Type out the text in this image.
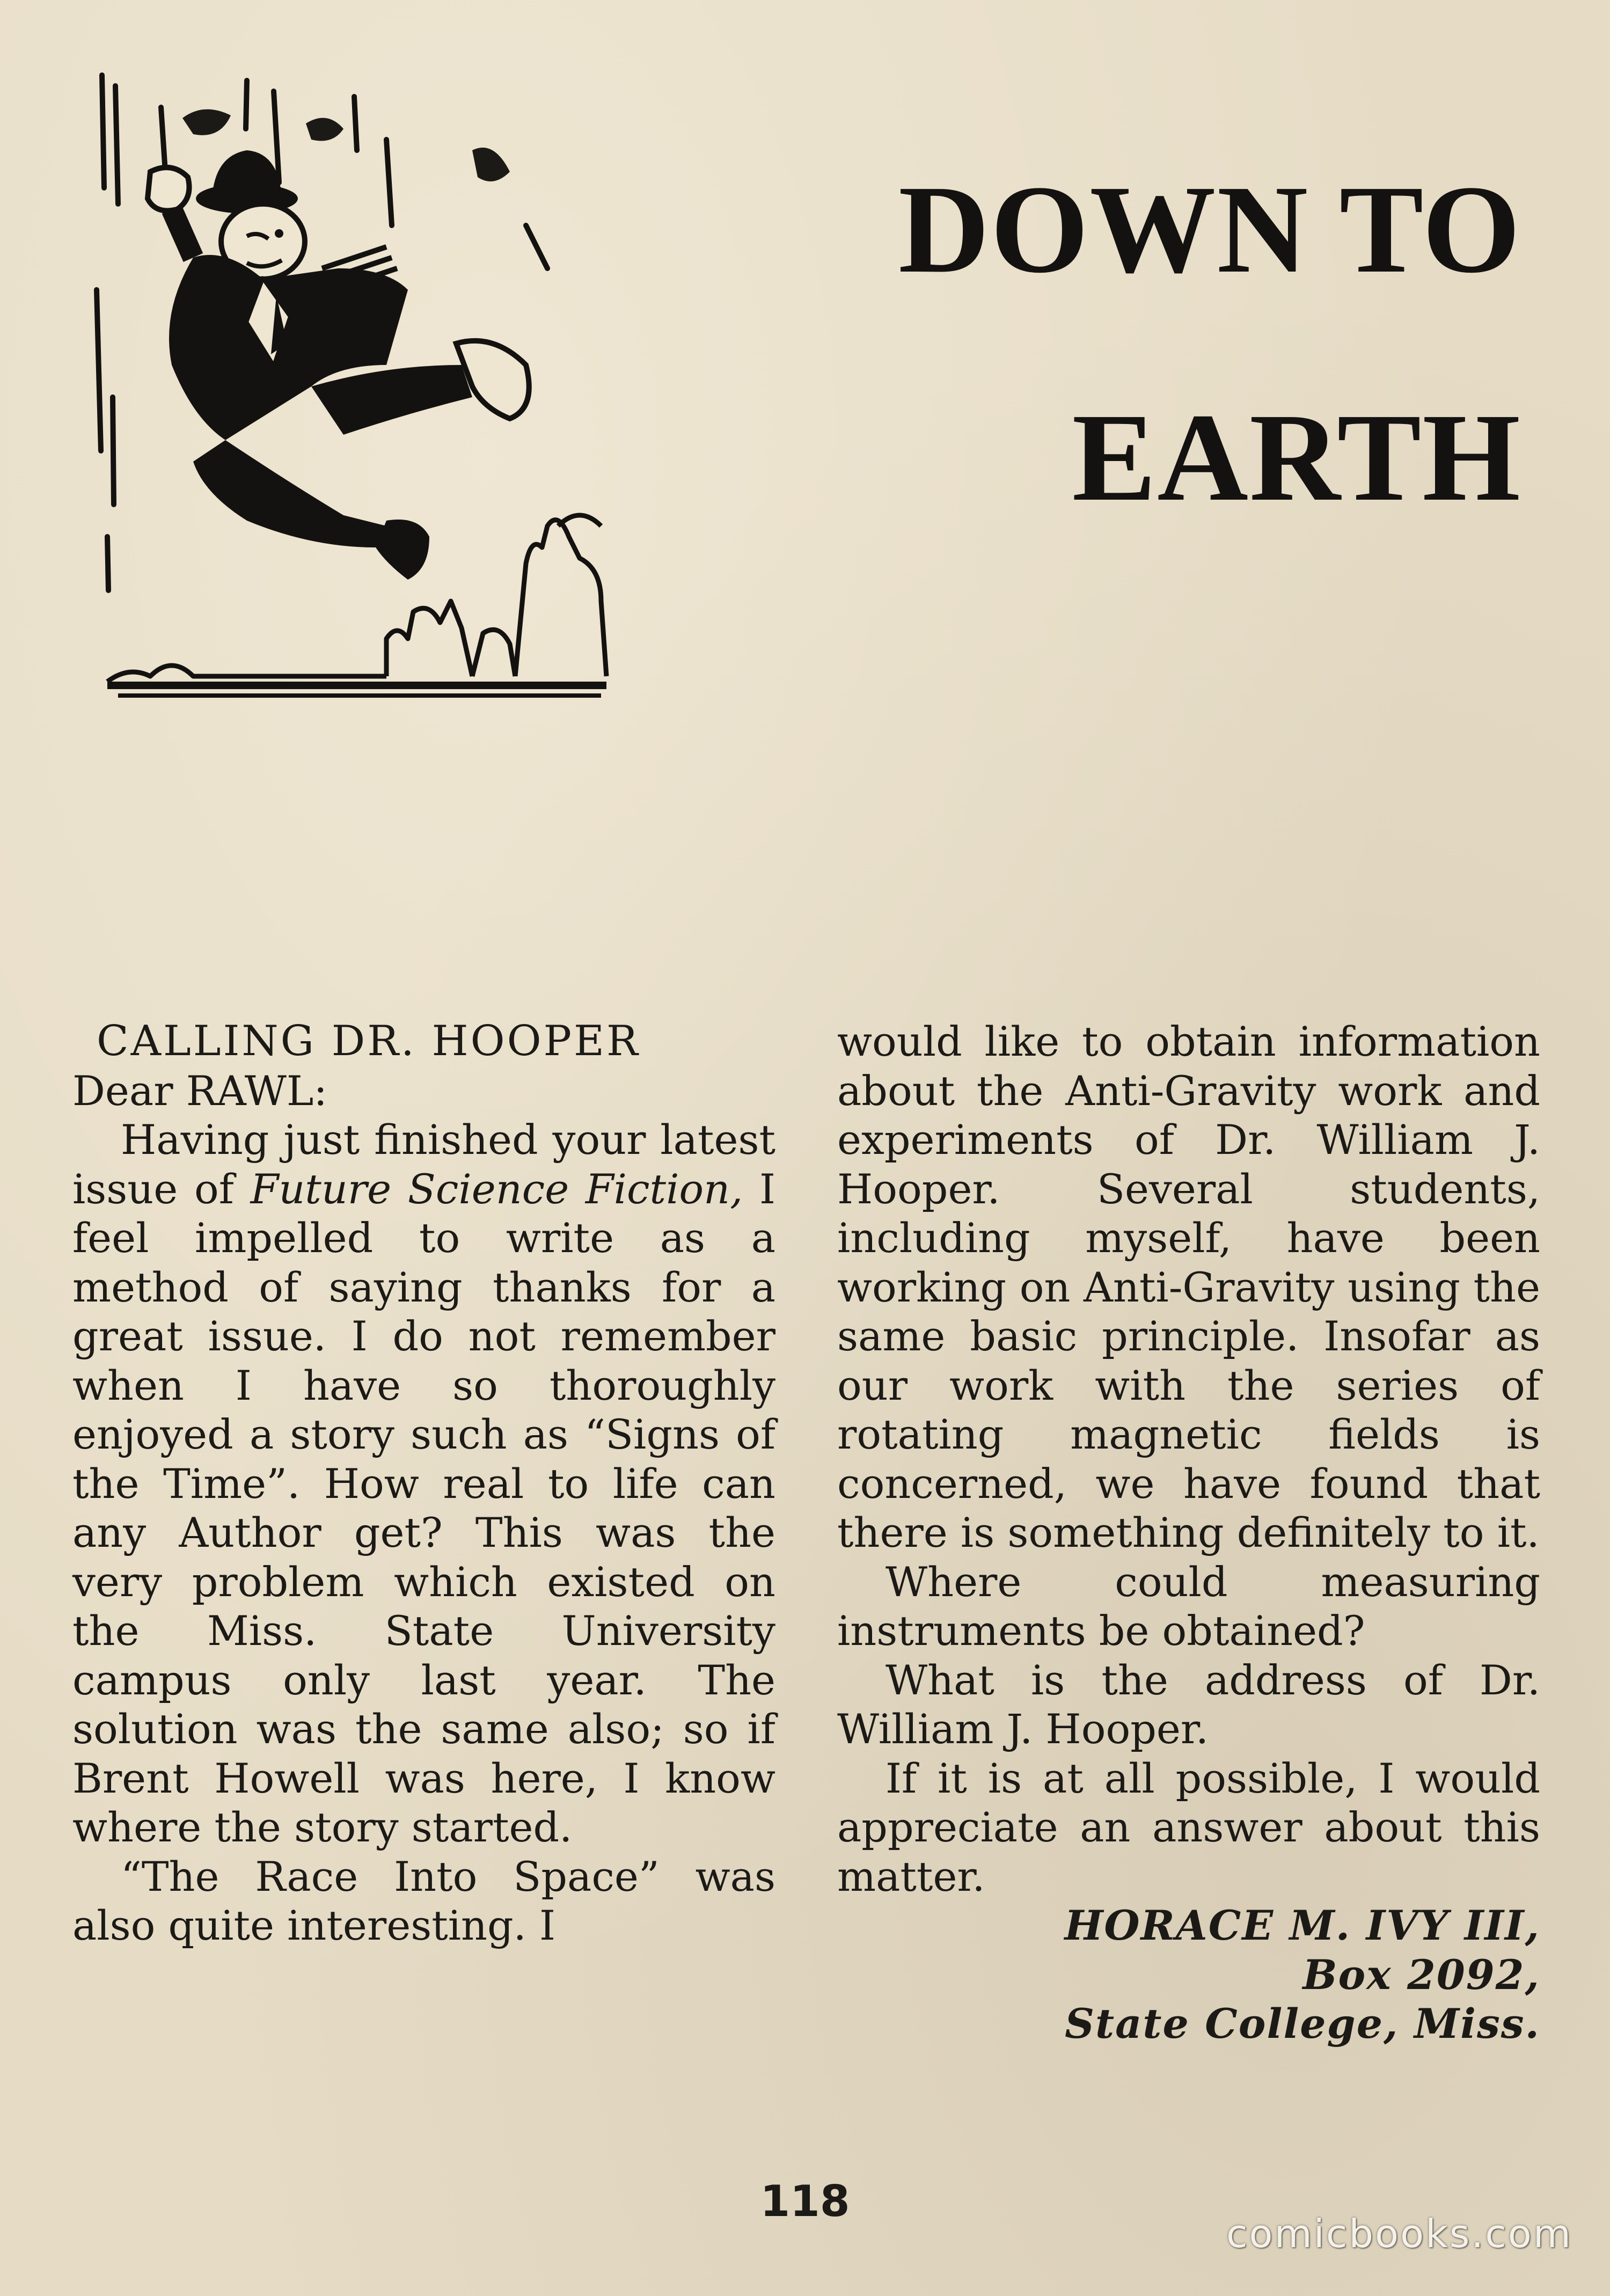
DOWN TO
EARTH

CALLING DR. HOOPER

Dear RAWL:

Having just finished your latest issue of Future Science Fiction, I feel impelled to write as a method of saying thanks for a great issue. I do not remember when I have so thoroughly enjoyed a story such as “Signs of the Time”. How real to life can any Author get? This was the very problem which existed on the Miss. State University campus only last year. The solution was the same also; so if Brent Howell was here, I know where the story started.

“The Race Into Space” was also quite interesting. I

would like to obtain information about the Anti-Gravity work and experiments of Dr. William J. Hooper. Several students, including myself, have been working on Anti-Gravity using the same basic principle. Insofar as our work with the series of rotating magnetic fields is concerned, we have found that there is something definitely to it.

Where could measuring instruments be obtained?

What is the address of Dr. William J. Hooper.

If it is at all possible, I would appreciate an answer about this matter.

HORACE M. IVY III,

Box 2092,

State College, Miss.

118
comicbooks.com
